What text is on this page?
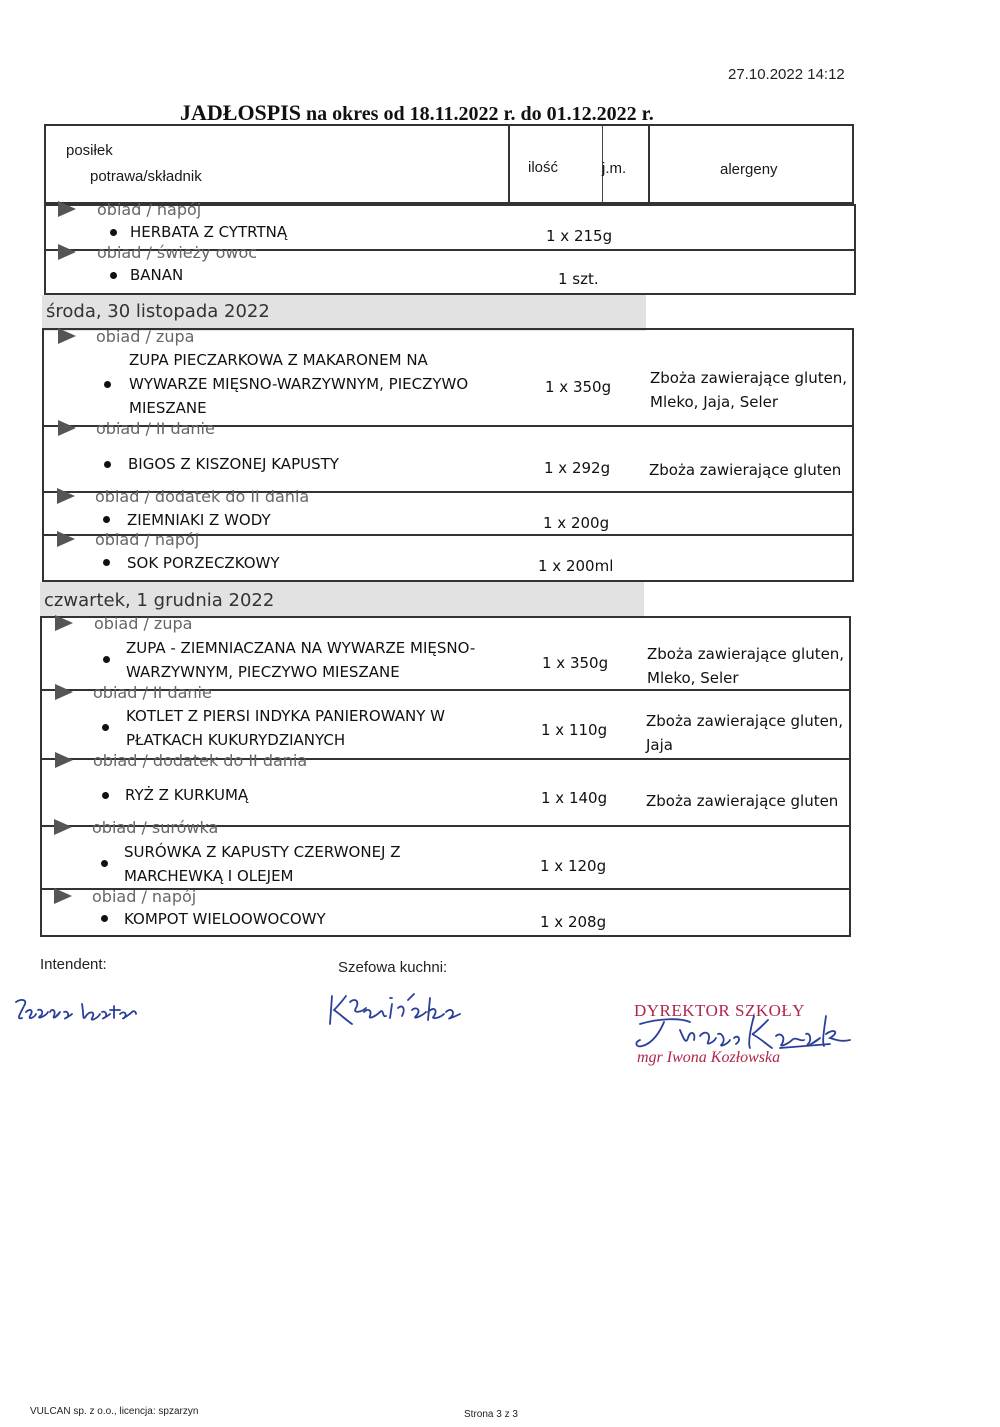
27.10.2022 14:12
JADŁOSPIS na okres od 18.11.2022 r. do 01.12.2022 r.
posiłek
potrawa/składnik
ilość	j.m.	alergeny
obiad / napój
HERBATA Z CYTRTNĄ	1 x 215g
obiad / świeży owoc
BANAN	1 szt.
środa, 30 listopada 2022
obiad / zupa
ZUPA PIECZARKOWA Z MAKARONEM NA
WYWARZE MIĘSNO-WARZYWNYM, PIECZYWO
MIESZANE
1 x 350g	Zboża zawierające gluten,
Mleko, Jaja, Seler
obiad / II danie
BIGOS Z KISZONEJ KAPUSTY	1 x 292g	Zboża zawierające gluten
obiad / dodatek do II dania
ZIEMNIAKI Z WODY	1 x 200g
obiad / napój
SOK PORZECZKOWY	1 x 200ml
czwartek, 1 grudnia 2022
obiad / zupa
ZUPA - ZIEMNIACZANA NA WYWARZE MIĘSNO-
WARZYWNYM, PIECZYWO MIESZANE	1 x 350g	Zboża zawierające gluten,
Mleko, Seler
obiad / II danie
KOTLET Z PIERSI INDYKA PANIEROWANY W
PŁATKACH KUKURYDZIANYCH
1 x 110g	Zboża zawierające gluten,
Jaja
obiad / dodatek do II dania
RYŻ Z KURKUMĄ	1 x 140g	Zboża zawierające gluten
obiad / surówka
SURÓWKA Z KAPUSTY CZERWONEJ Z
MARCHEWKĄ I OLEJEM
1 x 120g
obiad / napój
KOMPOT WIELOOWOCOWY	1 x 208g
Intendent:	Szefowa kuchni:
DYREKTOR SZKOŁY
mgr Iwona Kozłowska
VULCAN sp. z o.o., licencja: spzarzyn	Strona 3 z 3
